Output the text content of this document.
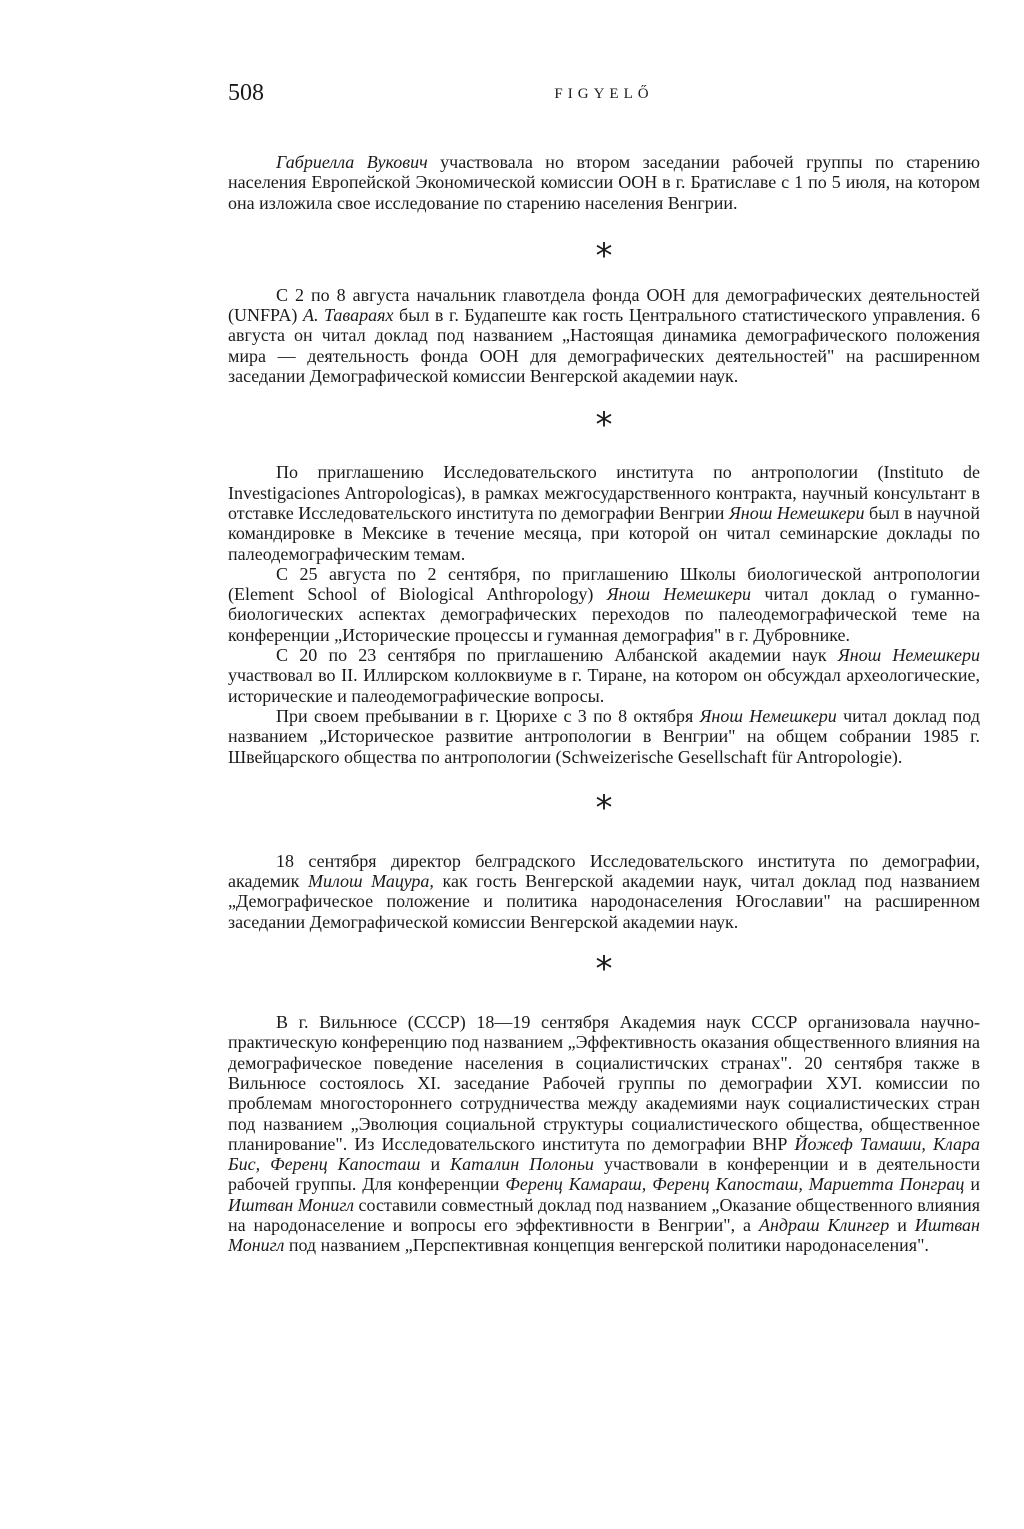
508	FIGYELŐ

Габриелла Вукович участвовала но втором заседании рабочей группы по старению населения Европейской Экономической комиссии ООН в г. Братиславе с 1 по 5 июля, на котором она изложила свое исследование по старению населения Венгрии.

*

С 2 по 8 августа начальник главотдела фонда ООН для демографических деятельностей (UNFPA) А. Тавараях был в г. Будапеште как гость Центрального статистического управления. 6 августа он читал доклад под названием „Настоящая динамика демографического положения мира — деятельность фонда ООН для демографических деятельностей" на расширенном заседании Демографической комиссии Венгерской академии наук.

*

По приглашению Исследовательского института по антропологии (Instituto de Investigaciones Antropologicas), в рамках межгосударственного контракта, научный консультант в отставке Исследовательского института по демографии Венгрии Янош Немешкери был в научной командировке в Мексике в течение месяца, при которой он читал семинарские доклады по палеодемографическим темам.

С 25 августа по 2 сентября, по приглашению Школы биологической антропологии (Element School of Biological Anthropology) Янош Немешкери читал доклад о гуманно-биологических аспектах демографических переходов по палеодемографической теме на конференции „Исторические процессы и гуманная демография" в г. Дубровнике.

С 20 по 23 сентября по приглашению Албанской академии наук Янош Немешкери участвовал во II. Иллирском коллоквиуме в г. Тиране, на котором он обсуждал археологические, исторические и палеодемографические вопросы.

При своем пребывании в г. Цюрихе с 3 по 8 октября Янош Немешкери читал доклад под названием „Историческое развитие антропологии в Венгрии" на общем собрании 1985 г. Швейцарского общества по антропологии (Schweizerische Gesellschaft für Antropologie).

*

18 сентября директор белградского Исследовательского института по демографии, академик Милош Мацура, как гость Венгерской академии наук, читал доклад под названием „Демографическое положение и политика народонаселения Югославии" на расширенном заседании Демографической комиссии Венгерской академии наук.

*

В г. Вильнюсе (СССР) 18—19 сентября Академия наук СССР организовала научно-практическую конференцию под названием „Эффективность оказания общественного влияния на демографическое поведение населения в социалистичских странах". 20 сентября также в Вильнюсе состоялось XI. заседание Рабочей группы по демографии ХУI. комиссии по проблемам многостороннего сотрудничества между академиями наук социалистических стран под названием „Эволюция социальной структуры социалистического общества, общественное планирование". Из Исследовательского института по демографии ВНР Йожеф Тамаши, Клара Бис, Ференц Капосташ и Каталин Полоньи участвовали в конференции и в деятельности рабочей группы. Для конференции Ференц Камараш, Ференц Капосташ, Мариетта Понграц и Иштван Монигл составили совместный доклад под названием „Оказание общественного влияния на народонаселение и вопросы его эффективности в Венгрии", а Андраш Клингер и Иштван Монигл под названием „Перспективная концепция венгерской политики народонаселения".
